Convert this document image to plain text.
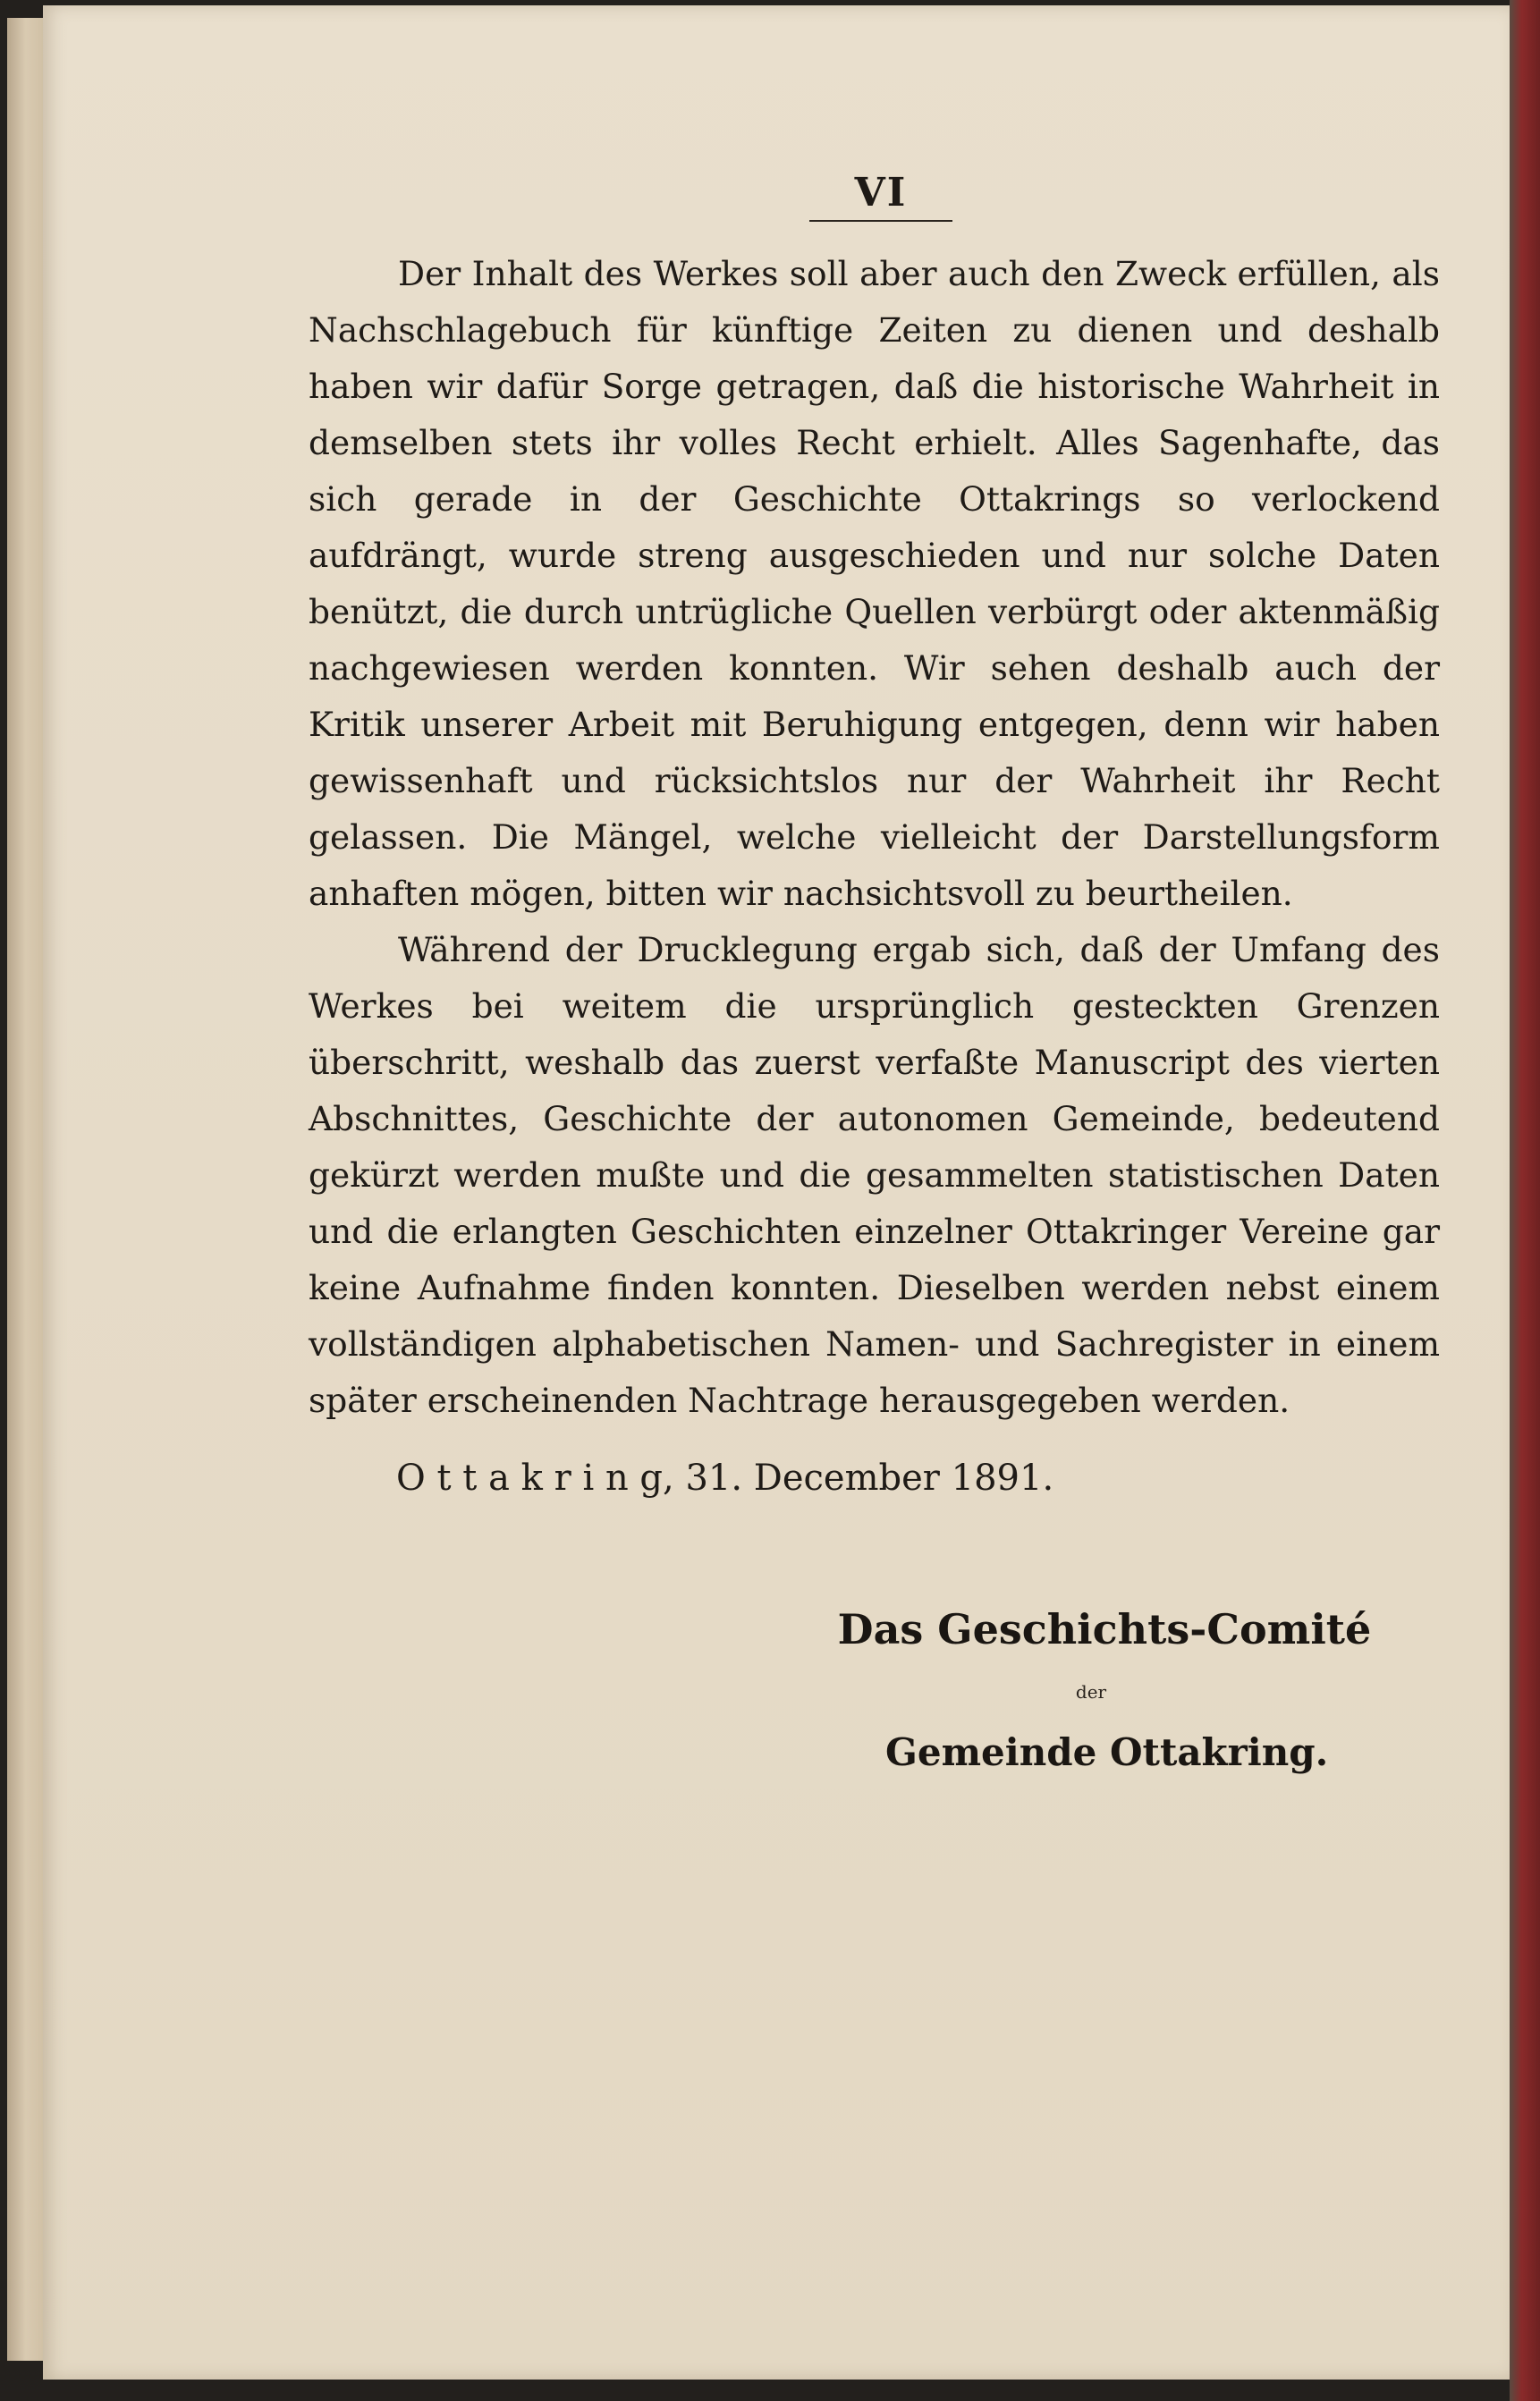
VI

Der Inhalt des Werkes soll aber auch den Zweck erfüllen, als Nachschlagebuch für künftige Zeiten zu dienen und deshalb haben wir dafür Sorge getragen, daß die historische Wahrheit in demselben stets ihr volles Recht erhielt. Alles Sagenhafte, das sich gerade in der Geschichte Ottakrings so verlockend aufdrängt, wurde streng ausgeschieden und nur solche Daten benützt, die durch untrügliche Quellen verbürgt oder aktenmäßig nachgewiesen werden konnten. Wir sehen deshalb auch der Kritik unserer Arbeit mit Beruhigung entgegen, denn wir haben gewissenhaft und rücksichtslos nur der Wahrheit ihr Recht gelassen. Die Mängel, welche vielleicht der Darstellungsform anhaften mögen, bitten wir nachsichtsvoll zu beurtheilen.

Während der Drucklegung ergab sich, daß der Umfang des Werkes bei weitem die ursprünglich gesteckten Grenzen überschritt, weshalb das zuerst verfaßte Manuscript des vierten Abschnittes, Geschichte der autonomen Gemeinde, bedeutend gekürzt werden mußte und die gesammelten statistischen Daten und die erlangten Geschichten einzelner Ottakringer Vereine gar keine Aufnahme finden konnten. Dieselben werden nebst einem vollständigen alphabetischen Namen- und Sachregister in einem später erscheinenden Nachtrage herausgegeben werden.

O t t a k r i n g, 31. December 1891.
Das Geschichts-Comité
der
Gemeinde Ottakring.
